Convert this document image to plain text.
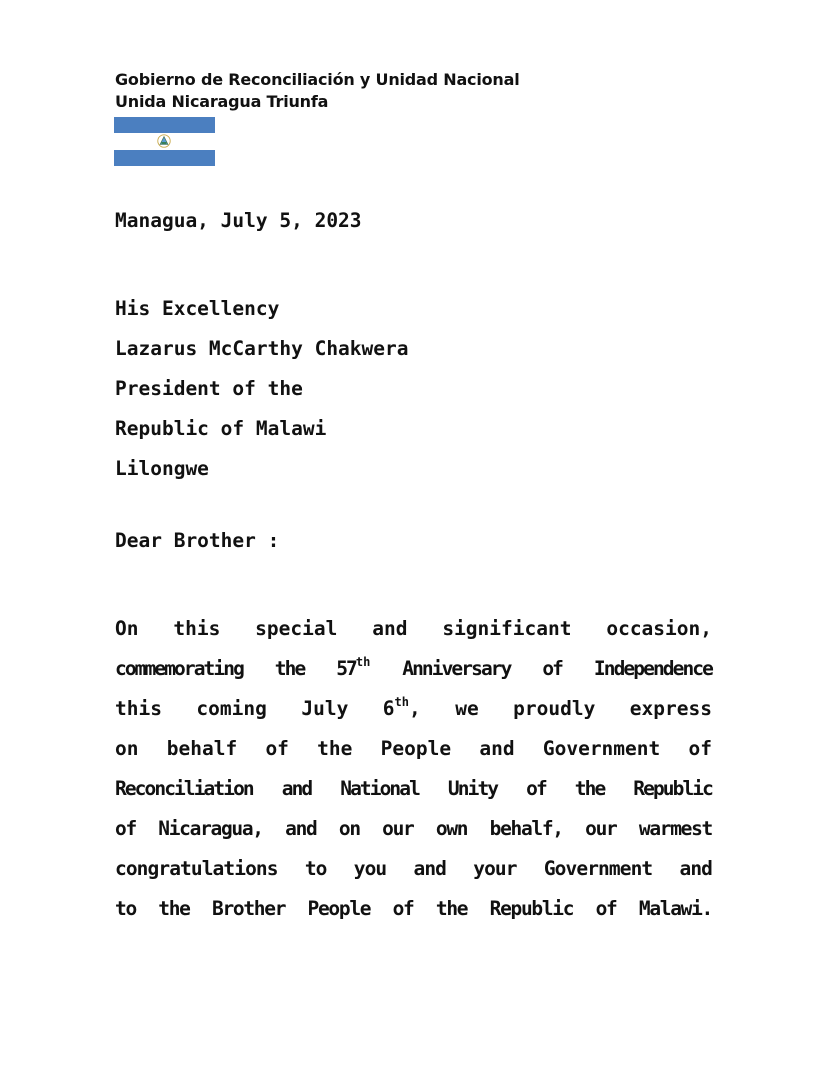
Gobierno de Reconciliación y Unidad Nacional
Unida Nicaragua Triunfa
Managua, July 5, 2023
His Excellency
Lazarus McCarthy Chakwera
President of the
Republic of Malawi
Lilongwe
Dear Brother :
On this special and significant occasion,
commemorating the 57th Anniversary of Independence
this coming July 6th, we proudly express
on behalf of the People and Government of
Reconciliation and National Unity of the Republic
of Nicaragua, and on our own behalf, our warmest
congratulations to you and your Government and
to the Brother People of the Republic of Malawi.
